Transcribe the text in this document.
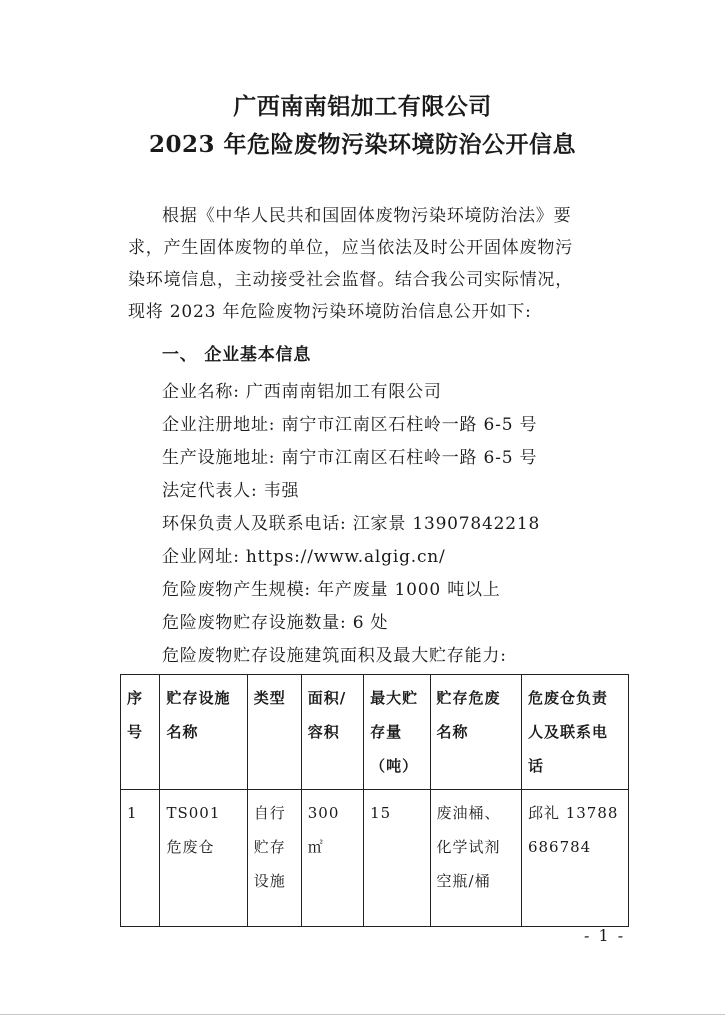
广西南南铝加工有限公司
2023 年危险废物污染环境防治公开信息
根据《中华人民共和国固体废物污染环境防治法》要求，产生固体废物的单位，应当依法及时公开固体废物污染环境信息，主动接受社会监督。结合我公司实际情况，现将 2023 年危险废物污染环境防治信息公开如下:
一、 企业基本信息
企业名称: 广西南南铝加工有限公司
企业注册地址: 南宁市江南区石柱岭一路 6-5 号
生产设施地址: 南宁市江南区石柱岭一路 6-5 号
法定代表人: 韦强
环保负责人及联系电话: 江家景 13907842218
企业网址: https://www.algig.cn/
危险废物产生规模: 年产废量 1000 吨以上
危险废物贮存设施数量: 6 处
危险废物贮存设施建筑面积及最大贮存能力:
序号	贮存设施名称	类型	面积/容积	最大贮存量（吨）	贮存危废名称	危废仓负责人及联系电话
1	TS001 危废仓	自行贮存设施	300 ㎡	15	废油桶、化学试剂空瓶/桶	邱礼 13788686784
- 1 -
